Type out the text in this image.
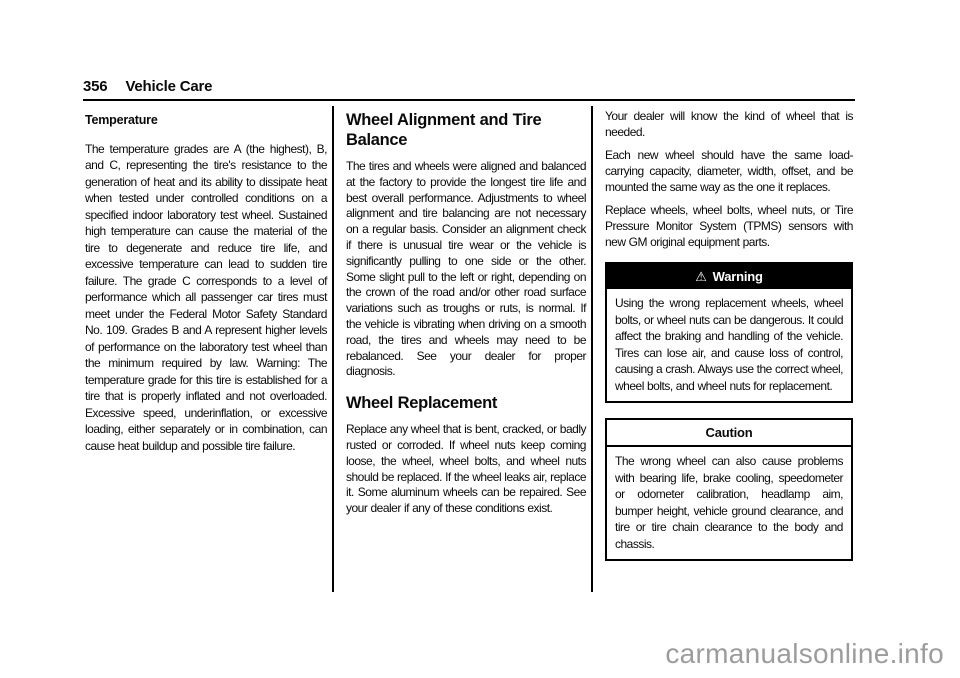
356 Vehicle Care
Temperature

The temperature grades are A (the highest), B, and C, representing the tire's resistance to the generation of heat and its ability to dissipate heat when tested under controlled conditions on a specified indoor laboratory test wheel. Sustained high temperature can cause the material of the tire to degenerate and reduce tire life, and excessive temperature can lead to sudden tire failure. The grade C corresponds to a level of performance which all passenger car tires must meet under the Federal Motor Safety Standard No. 109. Grades B and A represent higher levels of performance on the laboratory test wheel than the minimum required by law. Warning: The temperature grade for this tire is established for a tire that is properly inflated and not overloaded. Excessive speed, underinflation, or excessive loading, either separately or in combination, can cause heat buildup and possible tire failure.

Wheel Alignment and Tire Balance

The tires and wheels were aligned and balanced at the factory to provide the longest tire life and best overall performance. Adjustments to wheel alignment and tire balancing are not necessary on a regular basis. Consider an alignment check if there is unusual tire wear or the vehicle is significantly pulling to one side or the other. Some slight pull to the left or right, depending on the crown of the road and/or other road surface variations such as troughs or ruts, is normal. If the vehicle is vibrating when driving on a smooth road, the tires and wheels may need to be rebalanced. See your dealer for proper diagnosis.

Wheel Replacement

Replace any wheel that is bent, cracked, or badly rusted or corroded. If wheel nuts keep coming loose, the wheel, wheel bolts, and wheel nuts should be replaced. If the wheel leaks air, replace it. Some aluminum wheels can be repaired. See your dealer if any of these conditions exist.

Your dealer will know the kind of wheel that is needed.

Each new wheel should have the same load-carrying capacity, diameter, width, offset, and be mounted the same way as the one it replaces.

Replace wheels, wheel bolts, wheel nuts, or Tire Pressure Monitor System (TPMS) sensors with new GM original equipment parts.

⚠ Warning
Using the wrong replacement wheels, wheel bolts, or wheel nuts can be dangerous. It could affect the braking and handling of the vehicle. Tires can lose air, and cause loss of control, causing a crash. Always use the correct wheel, wheel bolts, and wheel nuts for replacement.
Caution
The wrong wheel can also cause problems with bearing life, brake cooling, speedometer or odometer calibration, headlamp aim, bumper height, vehicle ground clearance, and tire or tire chain clearance to the body and chassis.
carmanualsonline.info
